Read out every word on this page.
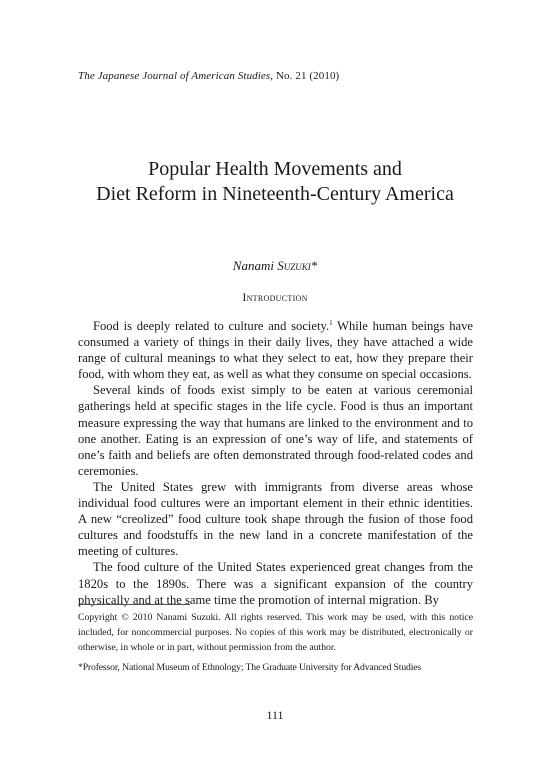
The Japanese Journal of American Studies, No. 21 (2010)
Popular Health Movements and
Diet Reform in Nineteenth-Century America
Nanami Suzuki*
Introduction

Food is deeply related to culture and society.$^1$ While human beings have consumed a variety of things in their daily lives, they have attached a wide range of cultural meanings to what they select to eat, how they prepare their food, with whom they eat, as well as what they consume on special occasions.

Several kinds of foods exist simply to be eaten at various ceremonial gatherings held at specific stages in the life cycle. Food is thus an important measure expressing the way that humans are linked to the environment and to one another. Eating is an expression of one’s way of life, and statements of one’s faith and beliefs are often demonstrated through food-related codes and ceremonies.

The United States grew with immigrants from diverse areas whose individual food cultures were an important element in their ethnic identities. A new “creolized” food culture took shape through the fusion of those food cultures and foodstuffs in the new land in a concrete manifestation of the meeting of cultures.

The food culture of the United States experienced great changes from the 1820s to the 1890s. There was a significant expansion of the country physically and at the same time the promotion of internal migration. By

Copyright © 2010 Nanami Suzuki. All rights reserved. This work may be used, with this notice included, for noncommercial purposes. No copies of this work may be distributed, electronically or otherwise, in whole or in part, without permission from the author.

*Professor, National Museum of Ethnology; The Graduate University for Advanced Studies

111
